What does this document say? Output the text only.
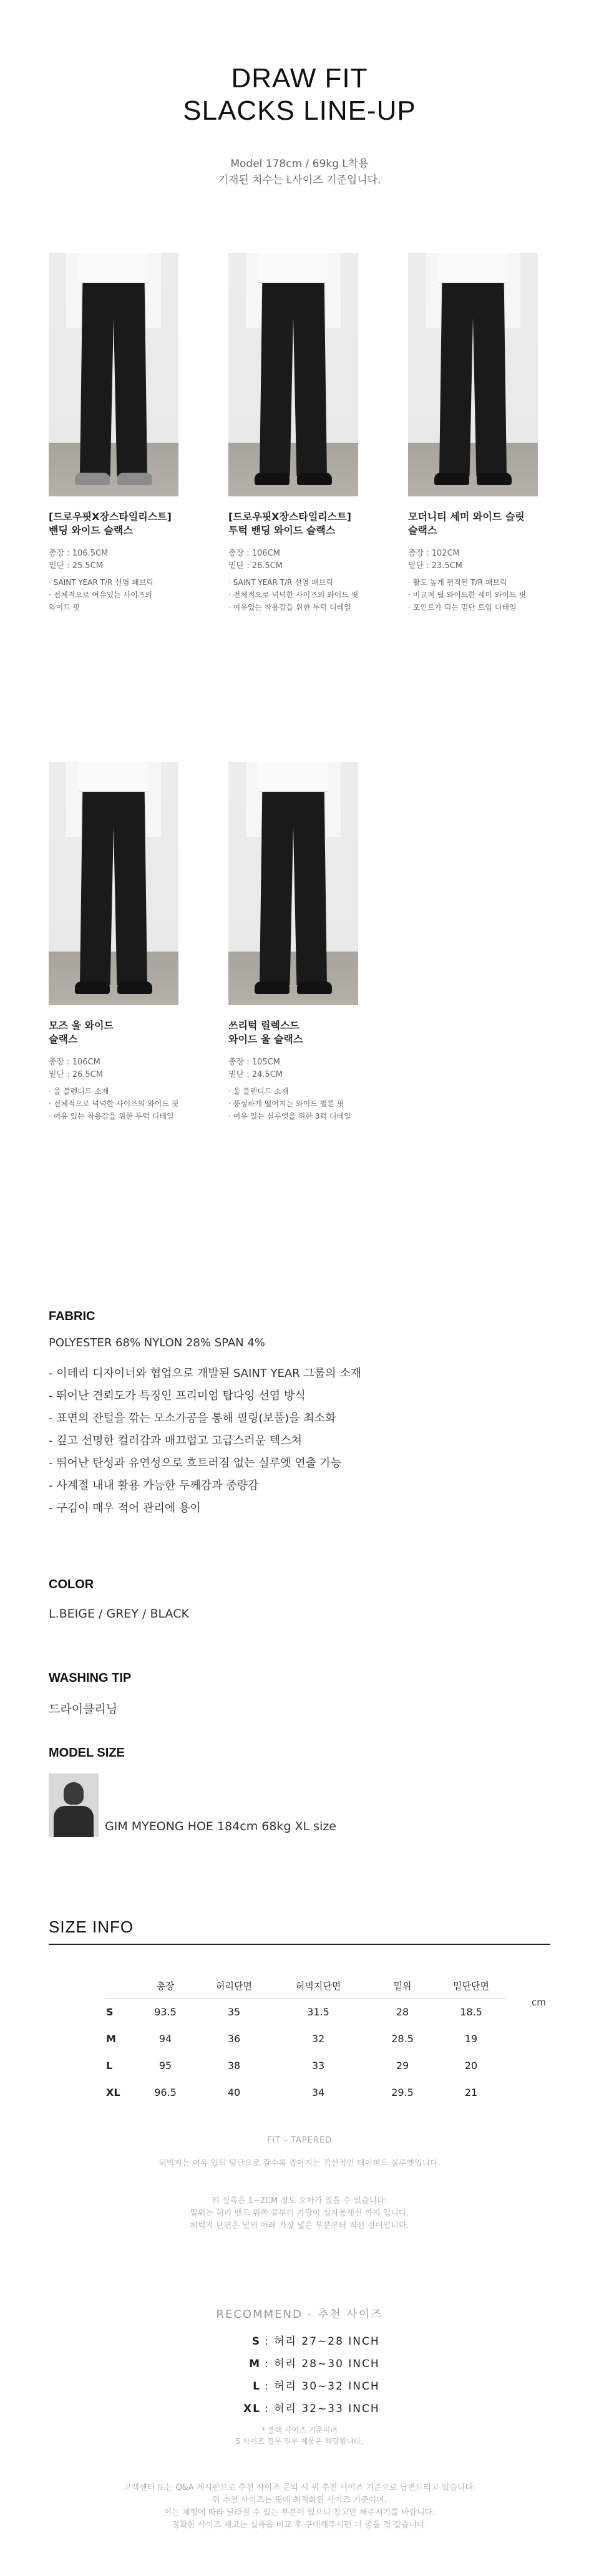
DRAW FIT
SLACKS LINE-UP
Model 178cm / 69kg L착용
기재된 치수는 L사이즈 기준입니다.
[드로우핏X장스타일리스트]
밴딩 와이드 슬랙스
총장 : 106.5CM
밑단 : 25.5CM
· SAINT YEAR T/R 선염 패브릭
· 전체적으로 여유있는 사이즈의
와이드 핏
[드로우핏X장스타일리스트]
투턱 밴딩 와이드 슬랙스
총장 : 106CM
밑단 : 26.5CM
· SAINT YEAR T/R 선염 패브릭
· 전체적으로 넉넉한 사이즈의 와이드 핏
· 여유있는 착용감을 위한 투턱 디테일
모더니티 세미 와이드 슬릿
슬랙스
총장 : 102CM
밑단 : 23.5CM
· 활도 높게 편직된 T/R 패브릭
· 비교적 덜 와이드한 세미 와이드 핏
· 포인트가 되는 밑단 트임 디테일
모즈 울 와이드
슬랙스
총장 : 106CM
밑단 : 26.5CM
· 울 블렌디드 소재
· 전체적으로 넉넉한 사이즈의 와이드 핏
· 여유 있는 착용감을 위한 투턱 디테일
쓰리턱 릴렉스드
와이드 울 슬랙스
총장 : 105CM
밑단 : 24.5CM
· 울 블렌디드 소재
· 풍성하게 떨어지는 와이드 벌룬 핏
· 여유 있는 실루엣을 위한 3턱 디테일
FABRIC
POLYESTER 68% NYLON 28% SPAN 4%
- 이테리 디자이너와 협업으로 개발된 SAINT YEAR 그룹의 소재
- 뛰어난 견뢰도가 특징인 프리미엄 탑다잉 선염 방식
- 표면의 잔털을 깎는 모소가공을 통해 필링(보풀)을 최소화
- 깊고 선명한 컬러감과 매끄럽고 고급스러운 텍스쳐
- 뛰어난 탄성과 유연성으로 흐트러짐 없는 실루엣 연출 가능
- 사계절 내내 활용 가능한 두께감과 중량감
- 구김이 매우 적어 관리에 용이
COLOR
L.BEIGE / GREY / BLACK
WASHING TIP
드라이클리닝
MODEL SIZE
GIM MYEONG HOE 184cm 68kg XL size
SIZE INFO
	총장	허리단면	허벅지단면	밑위	밑단단면
S	93.5	35	31.5	28	18.5
M	94	36	32	28.5	19
L	95	38	33	29	20
XL	96.5	40	34	29.5	21
cm
FIT - TAPERED
허벅지는 여유 있되 밑단으로 갈수록 좁아지는 적선적인 테이퍼드 실루엣입니다.
위 실측은 1~2CM 정도 오차가 있을 수 있습니다.
밑위는 허리 밴드 위쪽 끝부터 가랑이 십자봉제선 까지 입니다.
허벅지 단면은 밑위 아래 가장 넓은 부분부터 직선 길이입니다.
RECOMMEND - 추천 사이즈
S : 허리 27~28 INCH
M : 허리 28~30 INCH
L : 허리 30~32 INCH
XL : 허리 32~33 INCH
* 블랙 사이즈 기준이며
S 사이즈 경우 일부 제품은 해당됩니다.
고객센터 또는 Q&A 게시판으로 추천 사이즈 문의 시 위 추천 사이즈 기준으로 답변드리고 있습니다.
위 추천 사이즈는 핏에 최적화된 사이즈 기준이며,
이는 체형에 따라 달라질 수 있는 부분이 있으니 참고만 해주시기를 바랍니다.
정확한 사이즈 재고는 실측을 비교 후 구매해주시면 더 좋을 것 같습니다.
